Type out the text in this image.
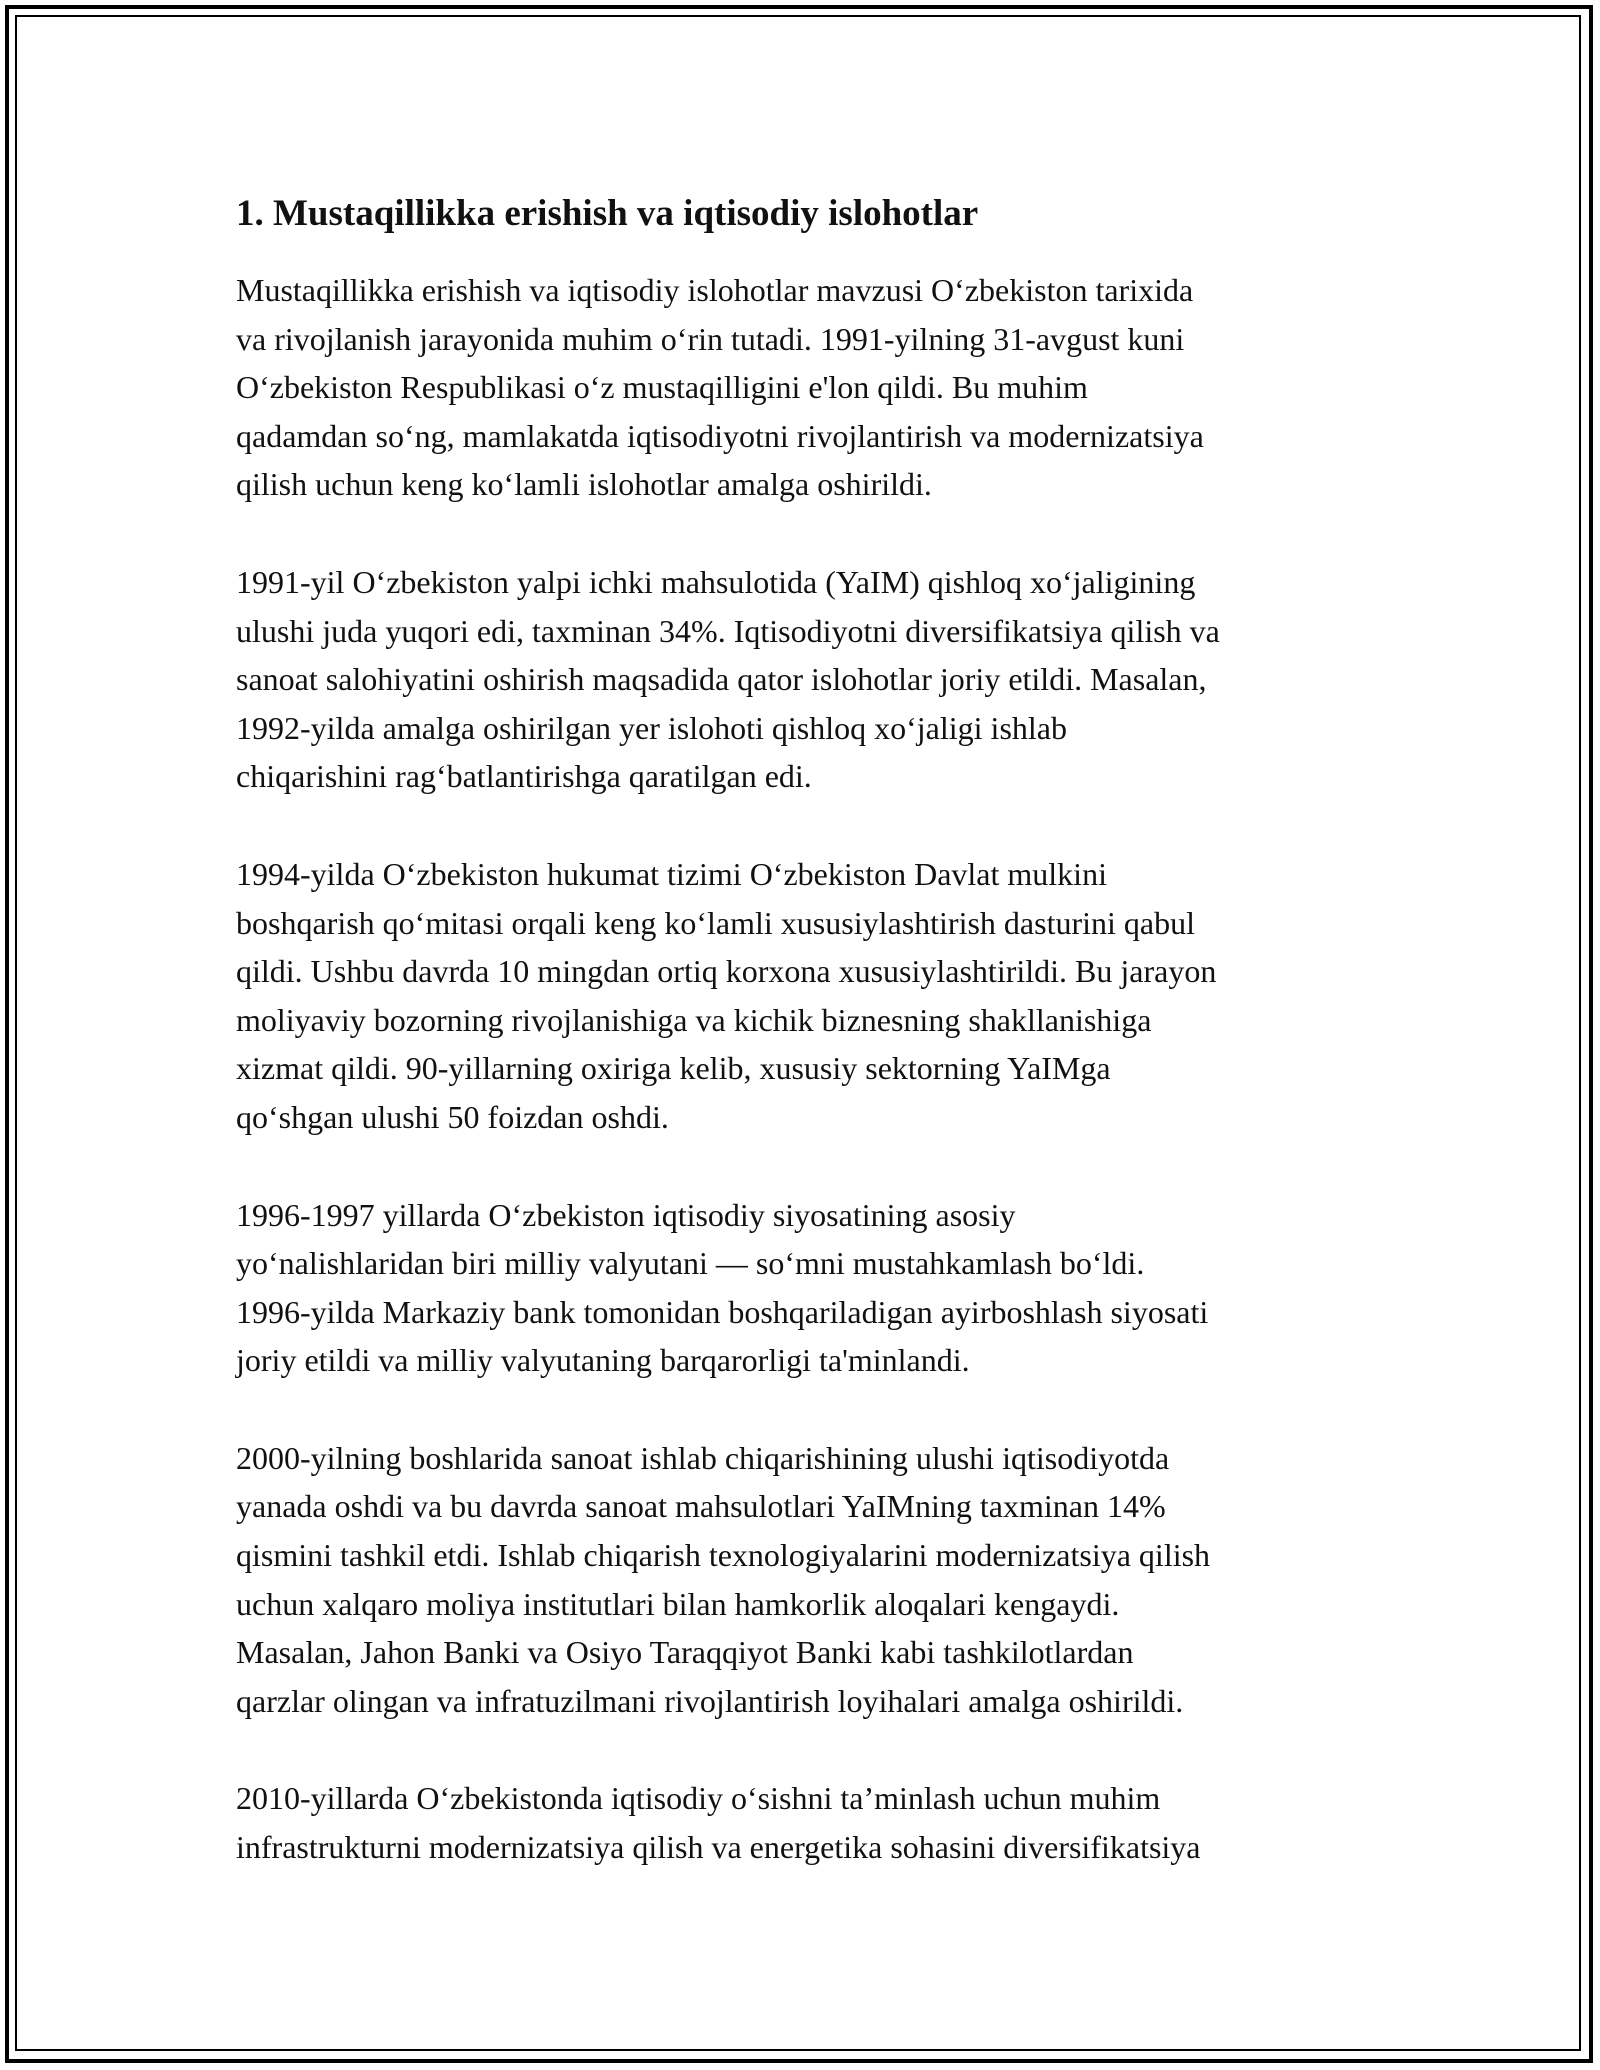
1. Mustaqillikka erishish va iqtisodiy islohotlar

Mustaqillikka erishish va iqtisodiy islohotlar mavzusi O‘zbekiston tarixida
va rivojlanish jarayonida muhim o‘rin tutadi. 1991-yilning 31-avgust kuni
O‘zbekiston Respublikasi o‘z mustaqilligini e'lon qildi. Bu muhim
qadamdan so‘ng, mamlakatda iqtisodiyotni rivojlantirish va modernizatsiya
qilish uchun keng ko‘lamli islohotlar amalga oshirildi.

1991-yil O‘zbekiston yalpi ichki mahsulotida (YaIM) qishloq xo‘jaligining
ulushi juda yuqori edi, taxminan 34%. Iqtisodiyotni diversifikatsiya qilish va
sanoat salohiyatini oshirish maqsadida qator islohotlar joriy etildi. Masalan,
1992-yilda amalga oshirilgan yer islohoti qishloq xo‘jaligi ishlab
chiqarishini rag‘batlantirishga qaratilgan edi.

1994-yilda O‘zbekiston hukumat tizimi O‘zbekiston Davlat mulkini
boshqarish qo‘mitasi orqali keng ko‘lamli xususiylashtirish dasturini qabul
qildi. Ushbu davrda 10 mingdan ortiq korxona xususiylashtirildi. Bu jarayon
moliyaviy bozorning rivojlanishiga va kichik biznesning shakllanishiga
xizmat qildi. 90-yillarning oxiriga kelib, xususiy sektorning YaIMga
qo‘shgan ulushi 50 foizdan oshdi.

1996-1997 yillarda O‘zbekiston iqtisodiy siyosatining asosiy
yo‘nalishlaridan biri milliy valyutani — so‘mni mustahkamlash bo‘ldi.
1996-yilda Markaziy bank tomonidan boshqariladigan ayirboshlash siyosati
joriy etildi va milliy valyutaning barqarorligi ta'minlandi.

2000-yilning boshlarida sanoat ishlab chiqarishining ulushi iqtisodiyotda
yanada oshdi va bu davrda sanoat mahsulotlari YaIMning taxminan 14%
qismini tashkil etdi. Ishlab chiqarish texnologiyalarini modernizatsiya qilish
uchun xalqaro moliya institutlari bilan hamkorlik aloqalari kengaydi.
Masalan, Jahon Banki va Osiyo Taraqqiyot Banki kabi tashkilotlardan
qarzlar olingan va infratuzilmani rivojlantirish loyihalari amalga oshirildi.

2010-yillarda O‘zbekistonda iqtisodiy o‘sishni ta’minlash uchun muhim
infrastrukturni modernizatsiya qilish va energetika sohasini diversifikatsiya
